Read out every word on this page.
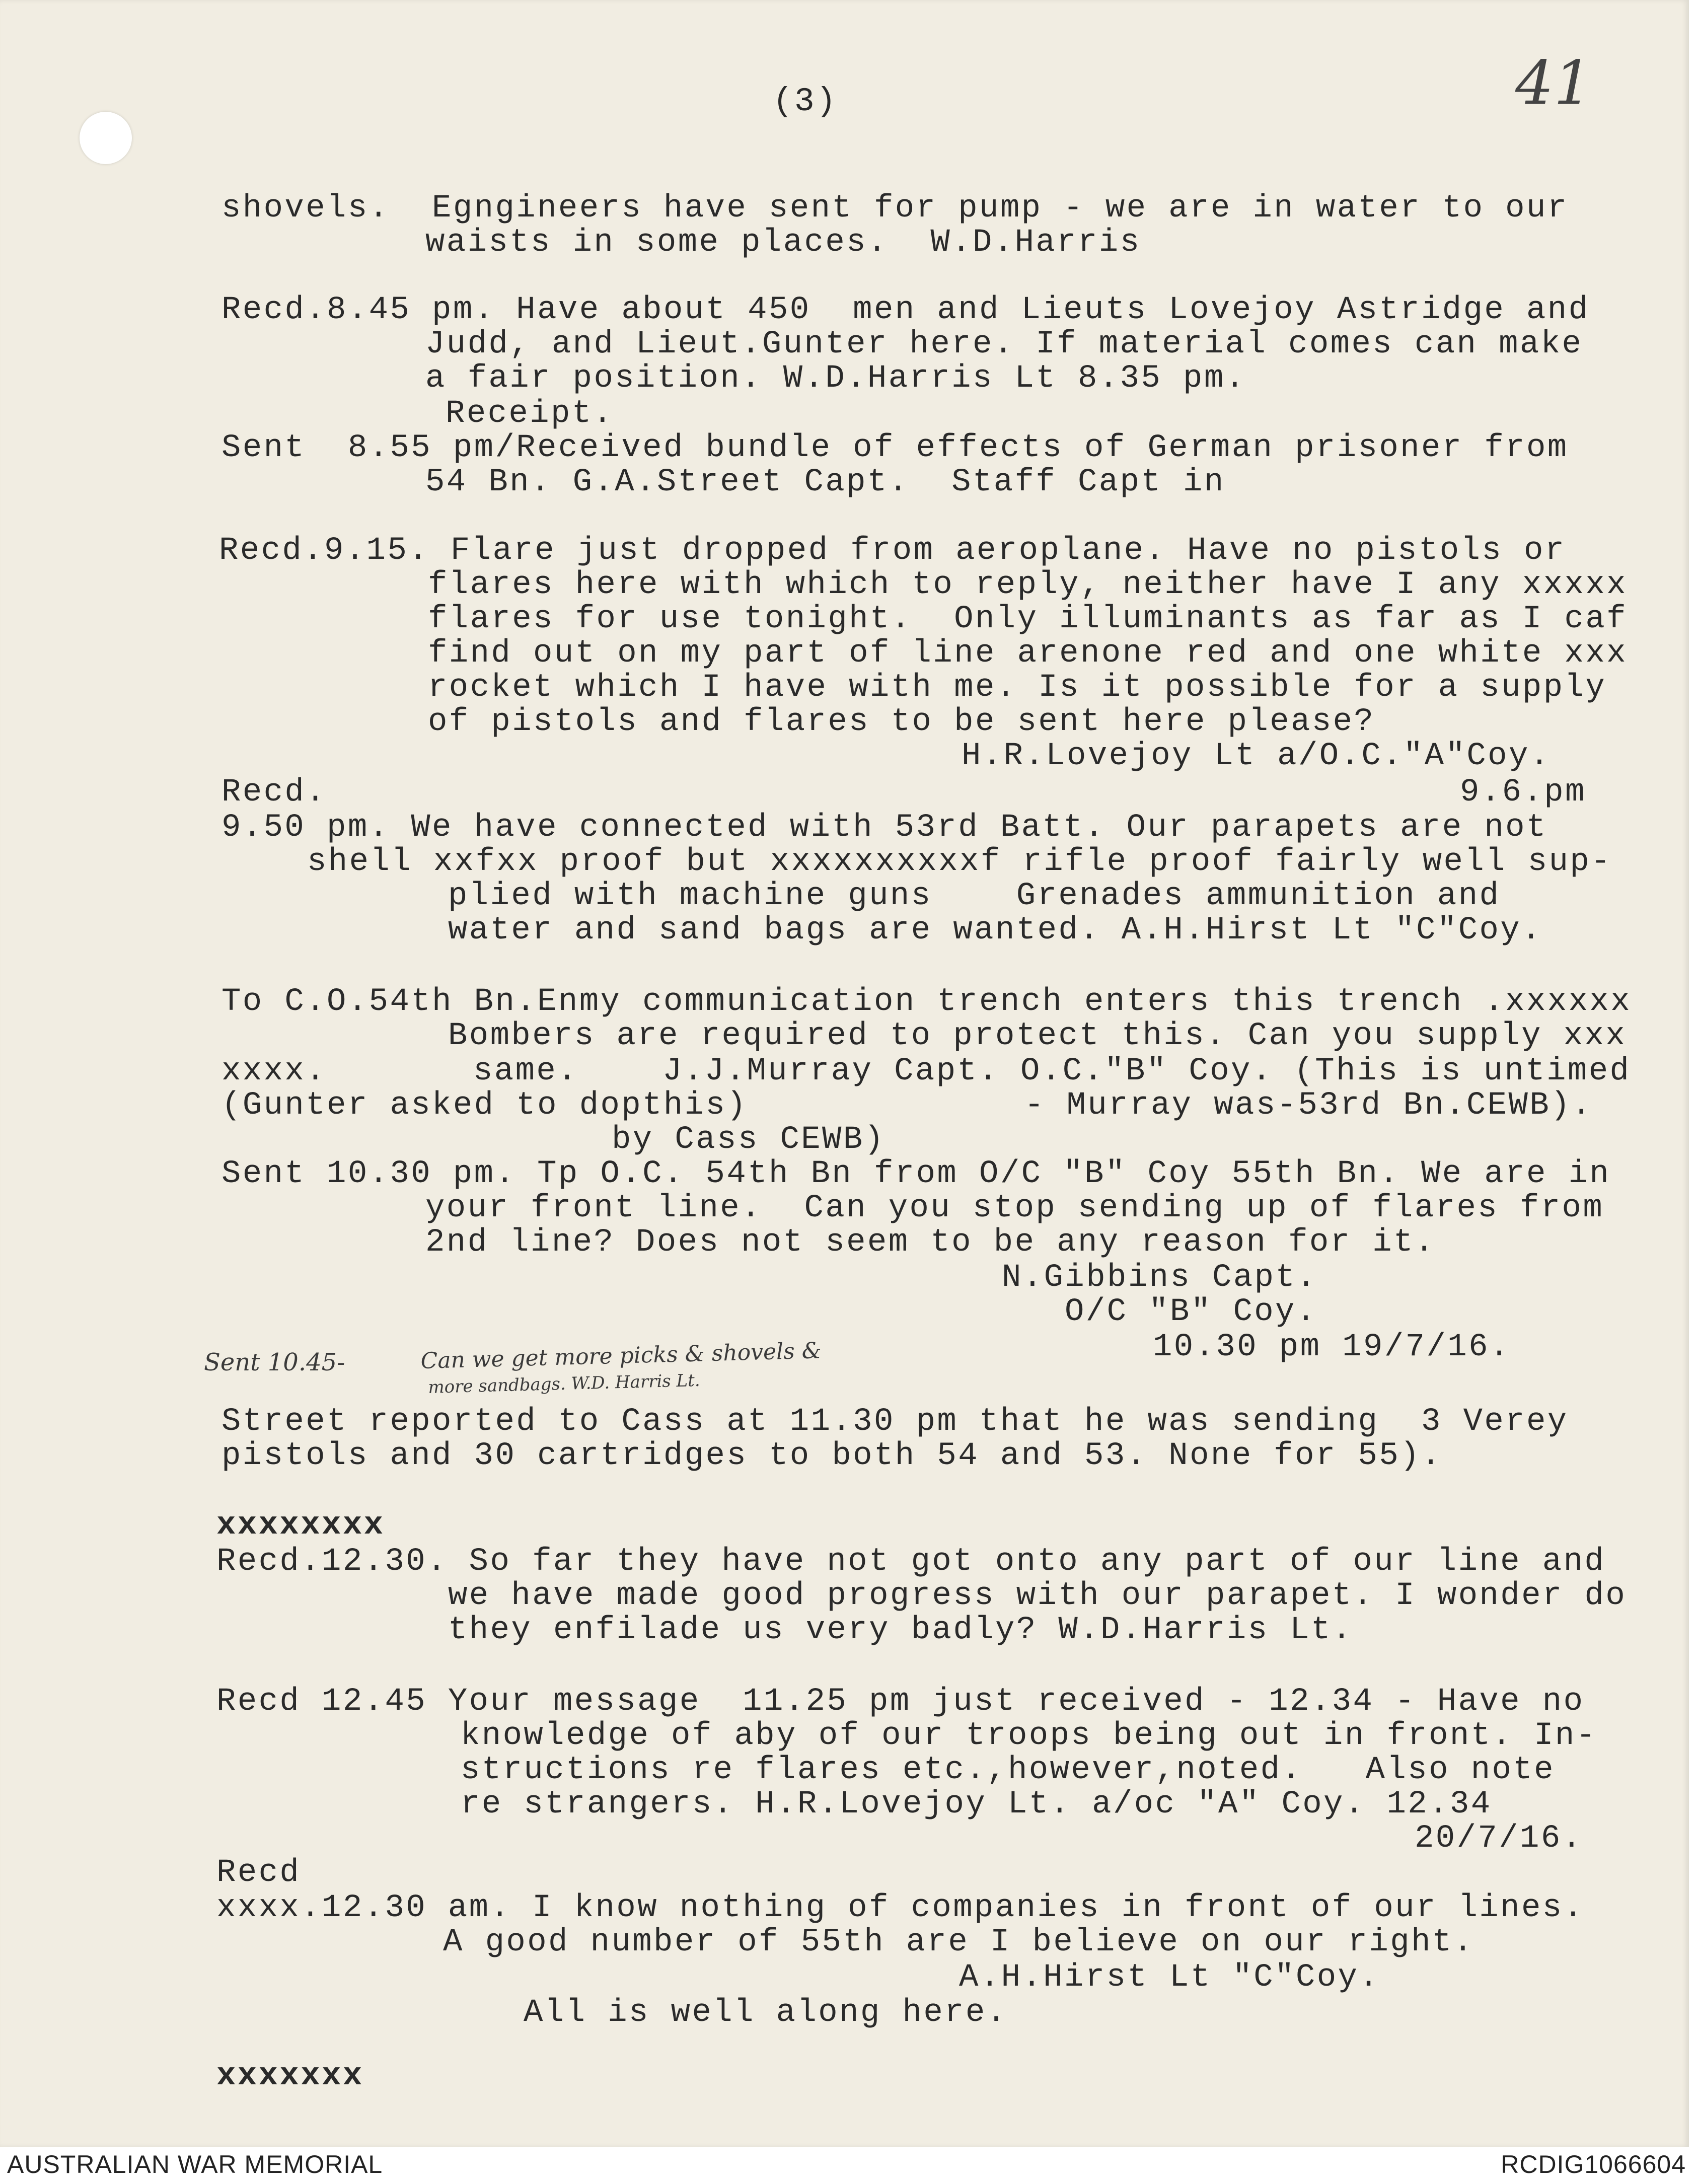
(3)	41
shovels.  Egngineers have sent for pump - we are in water to our
waists in some places.  W.D.Harris
Recd.8.45 pm. Have about 450  men and Lieuts Lovejoy Astridge and
Judd, and Lieut.Gunter here. If material comes can make
a fair position. W.D.Harris Lt 8.35 pm.
Receipt.
Sent  8.55 pm/Received bundle of effects of German prisoner from
54 Bn. G.A.Street Capt.  Staff Capt in
Recd.9.15. Flare just dropped from aeroplane. Have no pistols or
flares here with which to reply, neither have I any xxxxx
flares for use tonight.  Only illuminants as far as I caf
find out on my part of line arenone red and one white xxx
rocket which I have with me. Is it possible for a supply
of pistols and flares to be sent here please?
H.R.Lovejoy Lt a/O.C."A"Coy.
Recd.	9.6.pm
9.50 pm. We have connected with 53rd Batt. Our parapets are not
shell xxfxx proof but xxxxxxxxxxf rifle proof fairly well sup-
plied with machine guns    Grenades ammunition and
water and sand bags are wanted. A.H.Hirst Lt "C"Coy.
To C.O.54th Bn.Enmy communication trench enters this trench .xxxxxx
Bombers are required to protect this. Can you supply xxx
xxxx.	same.    J.J.Murray Capt. O.C."B" Coy. (This is untimed
(Gunter asked to dopthis)	- Murray was-53rd Bn.CEWB).
by Cass CEWB)
Sent 10.30 pm. Tp O.C. 54th Bn from O/C "B" Coy 55th Bn. We are in
your front line.  Can you stop sending up of flares from
2nd line? Does not seem to be any reason for it.
N.Gibbins Capt.
O/C "B" Coy.
10.30 pm 19/7/16.
Sent 10.45-	Can we get more picks & shovels &
more sandbags. W.D. Harris Lt.
Street reported to Cass at 11.30 pm that he was sending  3 Verey
pistols and 30 cartridges to both 54 and 53. None for 55).
xxxxxxxx
Recd.12.30. So far they have not got onto any part of our line and
we have made good progress with our parapet. I wonder do
they enfilade us very badly? W.D.Harris Lt.
Recd 12.45 Your message  11.25 pm just received - 12.34 - Have no
knowledge of aby of our troops being out in front. In-
structions re flares etc.,however,noted.   Also note
re strangers. H.R.Lovejoy Lt. a/oc "A" Coy. 12.34
20/7/16.
Recd
xxxx.12.30 am. I know nothing of companies in front of our lines.
A good number of 55th are I believe on our right.
A.H.Hirst Lt "C"Coy.
All is well along here.
xxxxxxx
AUSTRALIAN WAR MEMORIAL	RCDIG1066604
